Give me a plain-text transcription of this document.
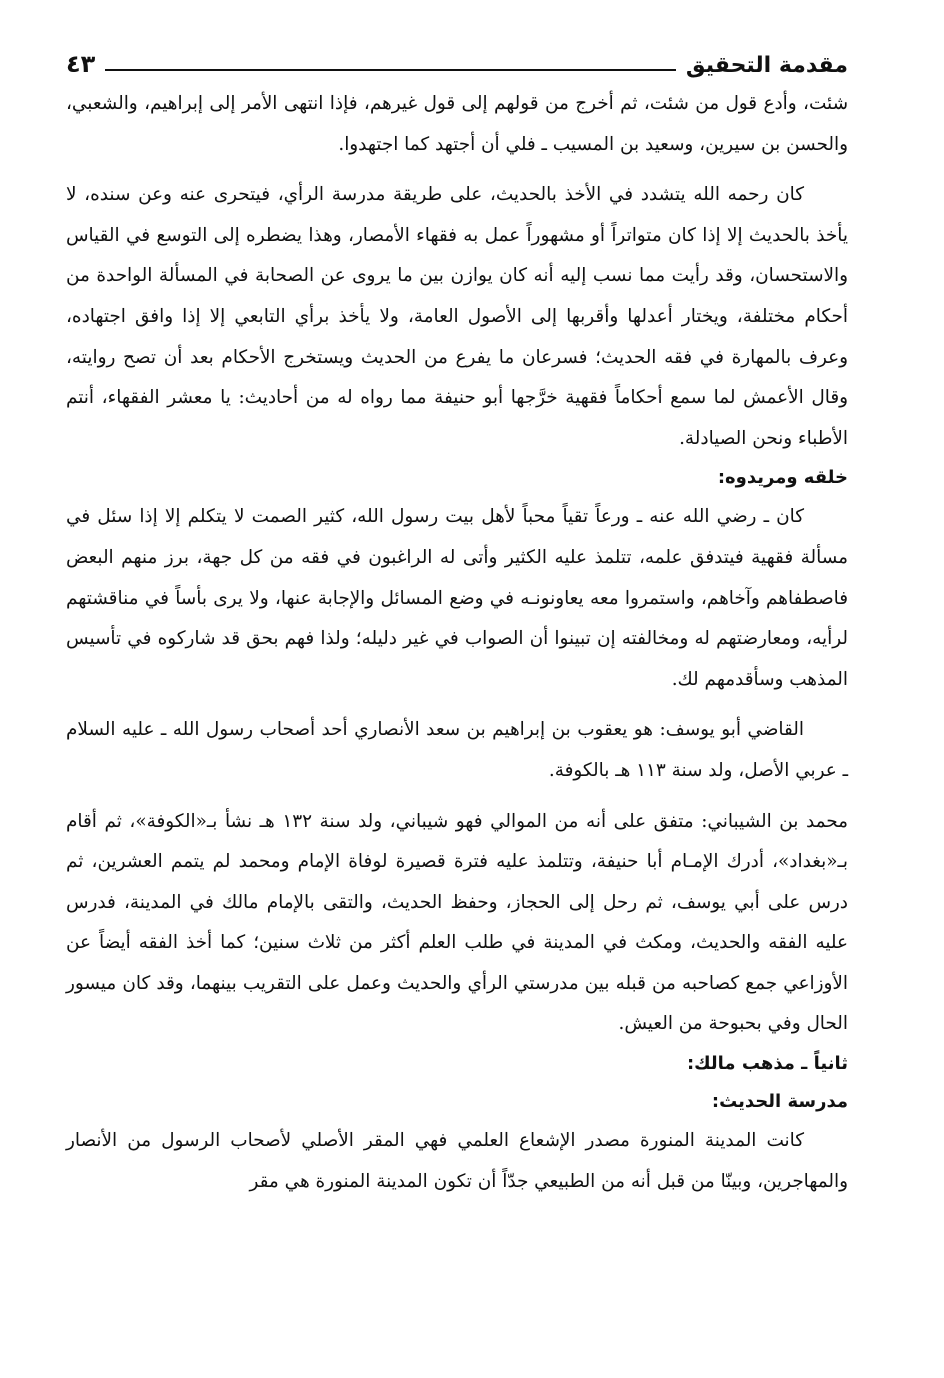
مقدمة التحقيق
٤٣

شئت، وأدع قول من شئت، ثم أخرج من قولهم إلى قول غيرهم، فإذا انتهى الأمر إلى إبراهيم، والشعبي، والحسن بن سيرين، وسعيد بن المسيب ـ فلي أن أجتهد كما اجتهدوا.

كان رحمه الله يتشدد في الأخذ بالحديث، على طريقة مدرسة الرأي، فيتحرى عنه وعن سنده، لا يأخذ بالحديث إلا إذا كان متواتراً أو مشهوراً عمل به فقهاء الأمصار، وهذا يضطره إلى التوسع في القياس والاستحسان، وقد رأيت مما نسب إليه أنه كان يوازن بين ما يروى عن الصحابة في المسألة الواحدة من أحكام مختلفة، ويختار أعدلها وأقربها إلى الأصول العامة، ولا يأخذ برأي التابعي إلا إذا وافق اجتهاده، وعرف بالمهارة في فقه الحديث؛ فسرعان ما يفرع من الحديث ويستخرج الأحكام بعد أن تصح روايته، وقال الأعمش لما سمع أحكاماً فقهية خرَّجها أبو حنيفة مما رواه له من أحاديث: يا معشر الفقهاء، أنتم الأطباء ونحن الصيادلة.

خلقه ومريدوه:

كان ـ رضي الله عنه ـ ورعاً تقياً محباً لأهل بيت رسول الله، كثير الصمت لا يتكلم إلا إذا سئل في مسألة فقهية فيتدفق علمه، تتلمذ عليه الكثير وأتى له الراغبون في فقه من كل جهة، برز منهم البعض فاصطفاهم وآخاهم، واستمروا معه يعاونونـه في وضع المسائل والإجابة عنها، ولا يرى بأساً في مناقشتهم لرأيه، ومعارضتهم له ومخالفته إن تبينوا أن الصواب في غير دليله؛ ولذا فهم بحق قد شاركوه في تأسيس المذهب وسأقدمهم لك.

القاضي أبو يوسف: هو يعقوب بن إبراهيم بن سعد الأنصاري أحد أصحاب رسول الله ـ عليه السلام ـ عربي الأصل، ولد سنة ١١٣ هـ بالكوفة.

محمد بن الشيباني: متفق على أنه من الموالي فهو شيباني، ولد سنة ١٣٢ هـ نشأ بـ«الكوفة»، ثم أقام بـ«بغداد»، أدرك الإمـام أبا حنيفة، وتتلمذ عليه فترة قصيرة لوفاة الإمام ومحمد لم يتمم العشرين، ثم درس على أبي يوسف، ثم رحل إلى الحجاز، وحفظ الحديث، والتقى بالإمام مالك في المدينة، فدرس عليه الفقه والحديث، ومكث في المدينة في طلب العلم أكثر من ثلاث سنين؛ كما أخذ الفقه أيضاً عن الأوزاعي جمع كصاحبه من قبله بين مدرستي الرأي والحديث وعمل على التقريب بينهما، وقد كان ميسور الحال وفي بحبوحة من العيش.

ثانياً ـ مذهب مالك:

مدرسة الحديث:

كانت المدينة المنورة مصدر الإشعاع العلمي فهي المقر الأصلي لأصحاب الرسول من الأنصار والمهاجرين، وبينّا من قبل أنه من الطبيعي جدّاً أن تكون المدينة المنورة هي مقر
